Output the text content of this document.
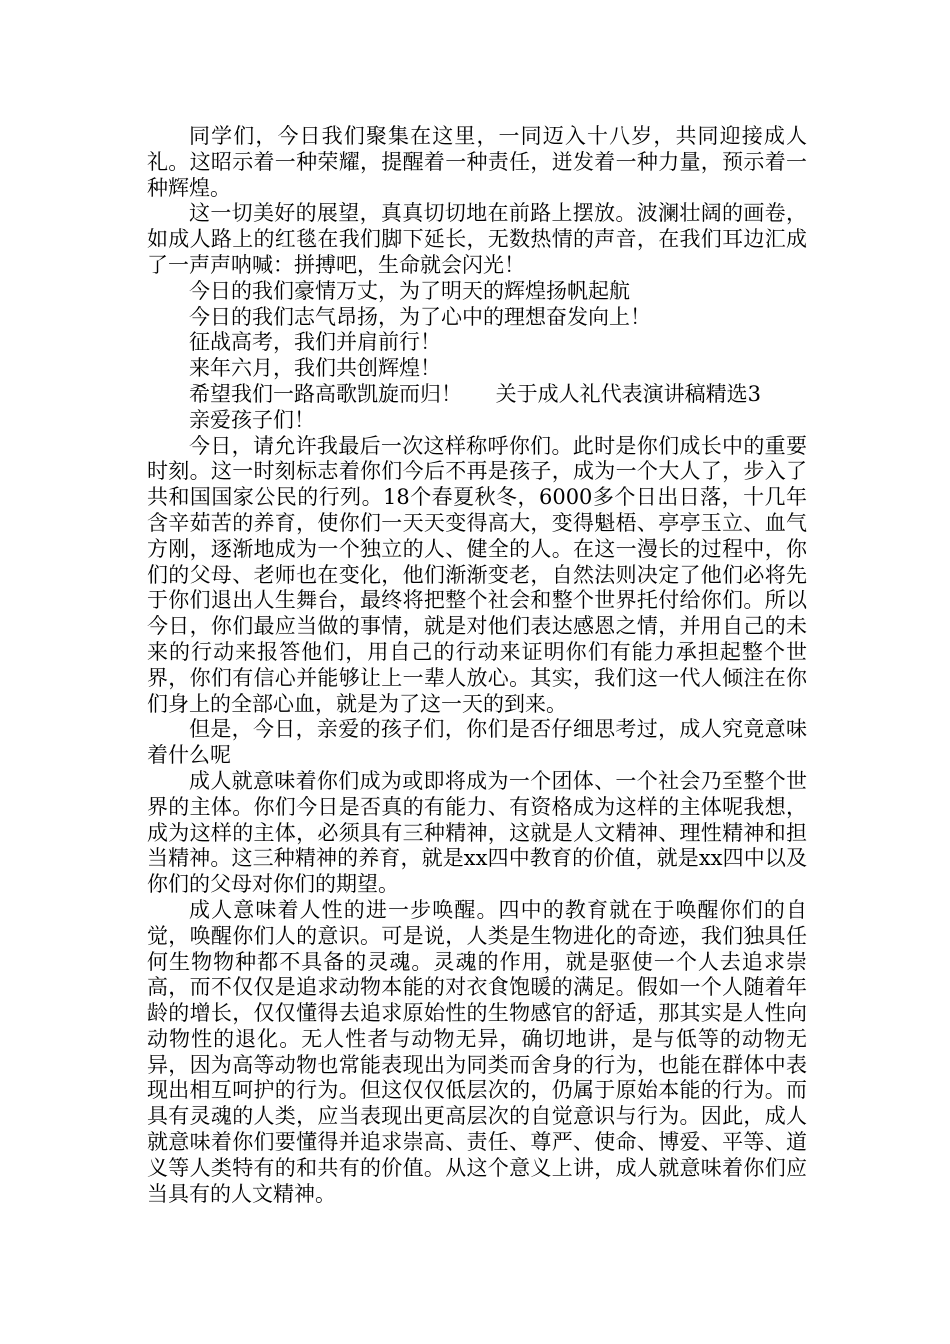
同学们，今日我们聚集在这里，一同迈入十八岁，共同迎接成人礼。这昭示着一种荣耀，提醒着一种责任，迸发着一种力量，预示着一种辉煌。

这一切美好的展望，真真切切地在前路上摆放。波澜壮阔的画卷，如成人路上的红毯在我们脚下延长，无数热情的声音，在我们耳边汇成了一声声呐喊：拼搏吧，生命就会闪光！

今日的我们豪情万丈，为了明天的辉煌扬帆起航

今日的我们志气昂扬，为了心中的理想奋发向上！

征战高考，我们并肩前行！

来年六月，我们共创辉煌！

希望我们一路高歌凯旋而归！ 关于成人礼代表演讲稿精选3

亲爱孩子们！

今日，请允许我最后一次这样称呼你们。此时是你们成长中的重要时刻。这一时刻标志着你们今后不再是孩子，成为一个大人了，步入了共和国国家公民的行列。18个春夏秋冬，6000多个日出日落，十几年含辛茹苦的养育，使你们一天天变得高大，变得魁梧、亭亭玉立、血气方刚，逐渐地成为一个独立的人、健全的人。在这一漫长的过程中，你们的父母、老师也在变化，他们渐渐变老，自然法则决定了他们必将先于你们退出人生舞台，最终将把整个社会和整个世界托付给你们。所以今日，你们最应当做的事情，就是对他们表达感恩之情，并用自己的未来的行动来报答他们，用自己的行动来证明你们有能力承担起整个世界，你们有信心并能够让上一辈人放心。其实，我们这一代人倾注在你们身上的全部心血，就是为了这一天的到来。

但是，今日，亲爱的孩子们，你们是否仔细思考过，成人究竟意味着什么呢

成人就意味着你们成为或即将成为一个团体、一个社会乃至整个世界的主体。你们今日是否真的有能力、有资格成为这样的主体呢我想，成为这样的主体，必须具有三种精神，这就是人文精神、理性精神和担当精神。这三种精神的养育，就是xx四中教育的价值，就是xx四中以及你们的父母对你们的期望。

成人意味着人性的进一步唤醒。四中的教育就在于唤醒你们的自觉，唤醒你们人的意识。可是说，人类是生物进化的奇迹，我们独具任何生物物种都不具备的灵魂。灵魂的作用，就是驱使一个人去追求崇高，而不仅仅是追求动物本能的对衣食饱暖的满足。假如一个人随着年龄的增长，仅仅懂得去追求原始性的生物感官的舒适，那其实是人性向动物性的退化。无人性者与动物无异，确切地讲，是与低等的动物无异，因为高等动物也常能表现出为同类而舍身的行为，也能在群体中表现出相互呵护的行为。但这仅仅低层次的，仍属于原始本能的行为。而具有灵魂的人类，应当表现出更高层次的自觉意识与行为。因此，成人就意味着你们要懂得并追求崇高、责任、尊严、使命、博爱、平等、道义等人类特有的和共有的价值。从这个意义上讲，成人就意味着你们应当具有的人文精神。
